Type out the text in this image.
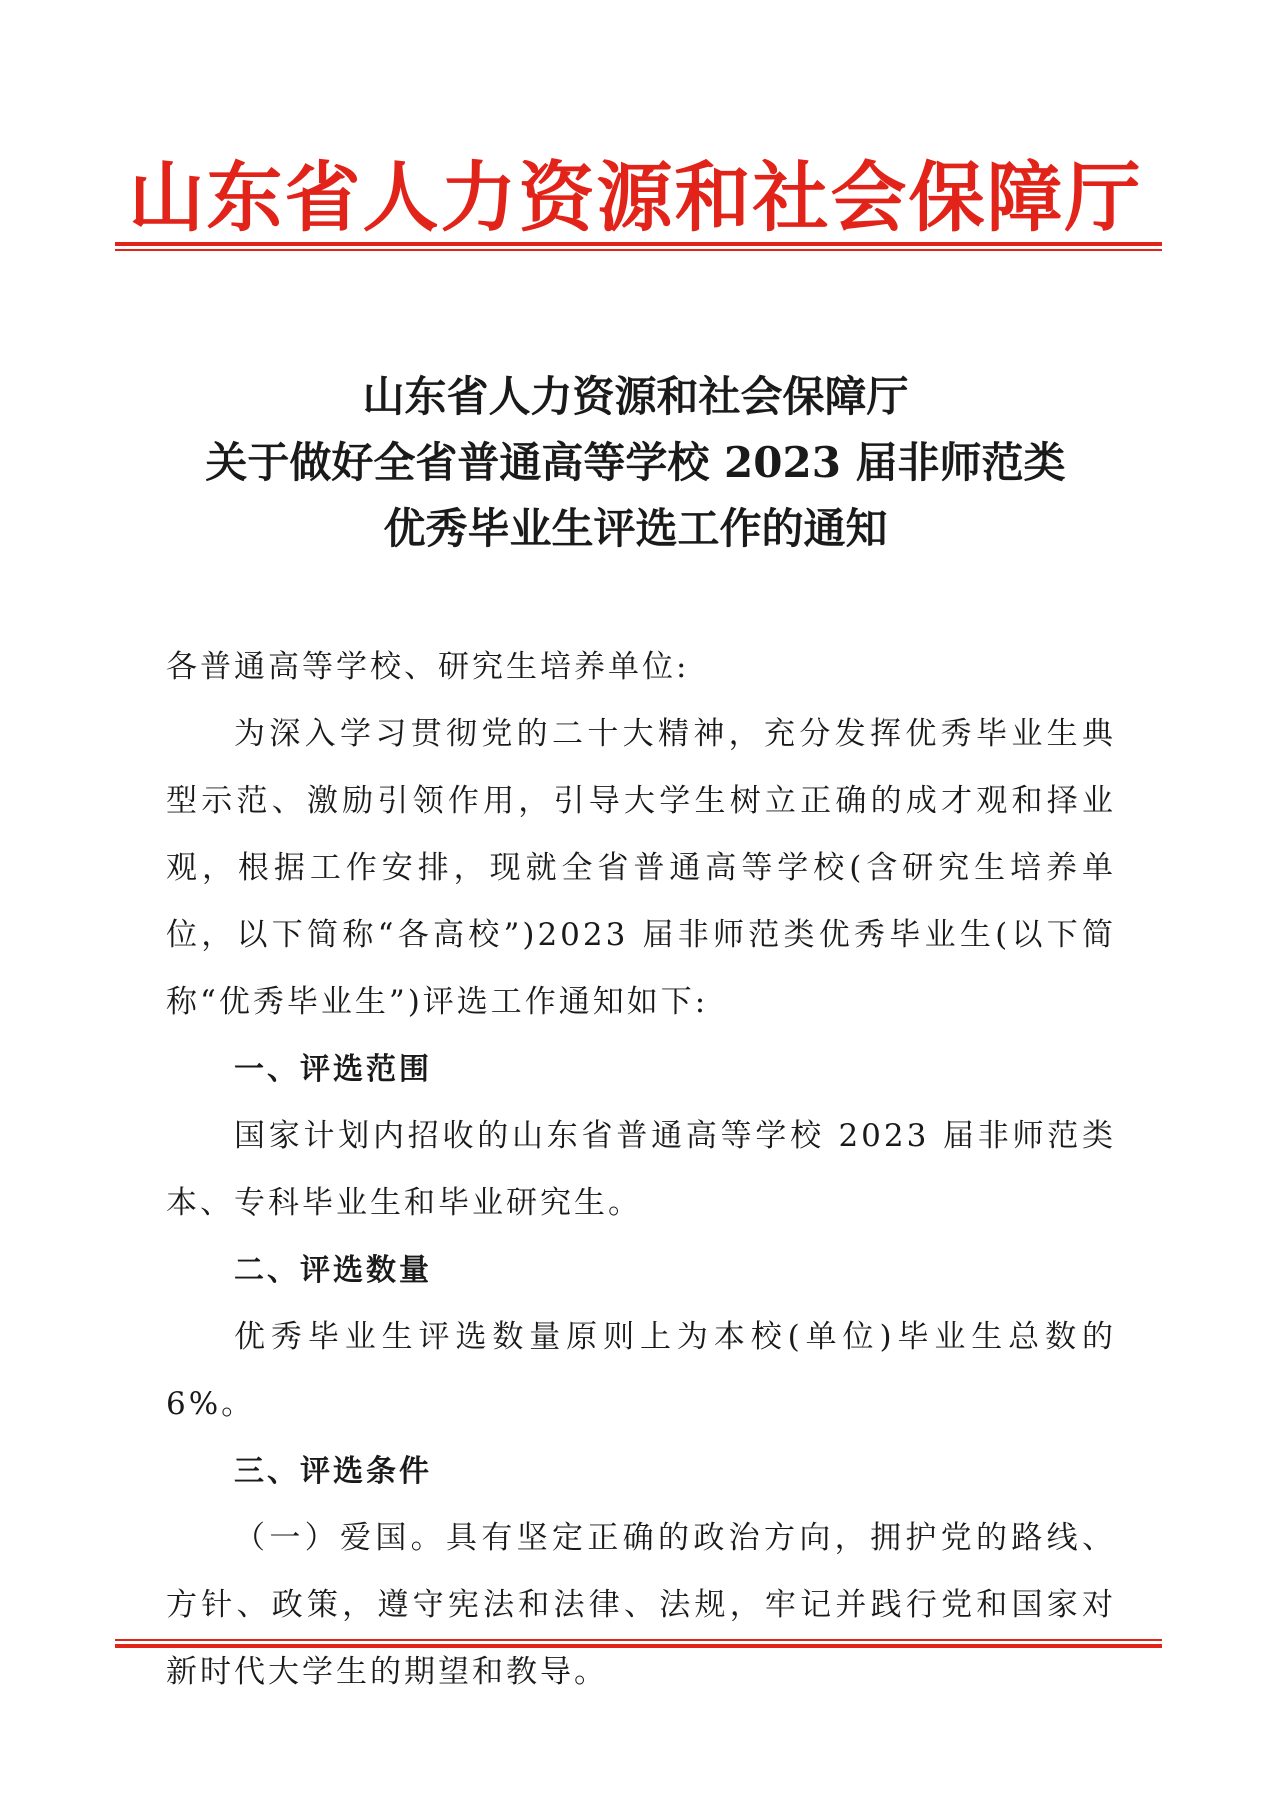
山东省人力资源和社会保障厅
山东省人力资源和社会保障厅
关于做好全省普通高等学校 2023 届非师范类
优秀毕业生评选工作的通知

各普通高等学校、研究生培养单位:

为深入学习贯彻党的二十大精神，充分发挥优秀毕业生典型示范、激励引领作用，引导大学生树立正确的成才观和择业观，根据工作安排，现就全省普通高等学校(含研究生培养单位，以下简称“各高校”)2023 届非师范类优秀毕业生(以下简称“优秀毕业生”)评选工作通知如下:

一、评选范围

国家计划内招收的山东省普通高等学校 2023 届非师范类本、专科毕业生和毕业研究生。

二、评选数量

优秀毕业生评选数量原则上为本校(单位)毕业生总数的 6%。

三、评选条件

（一）爱国。具有坚定正确的政治方向，拥护党的路线、方针、政策，遵守宪法和法律、法规，牢记并践行党和国家对新时代大学生的期望和教导。
